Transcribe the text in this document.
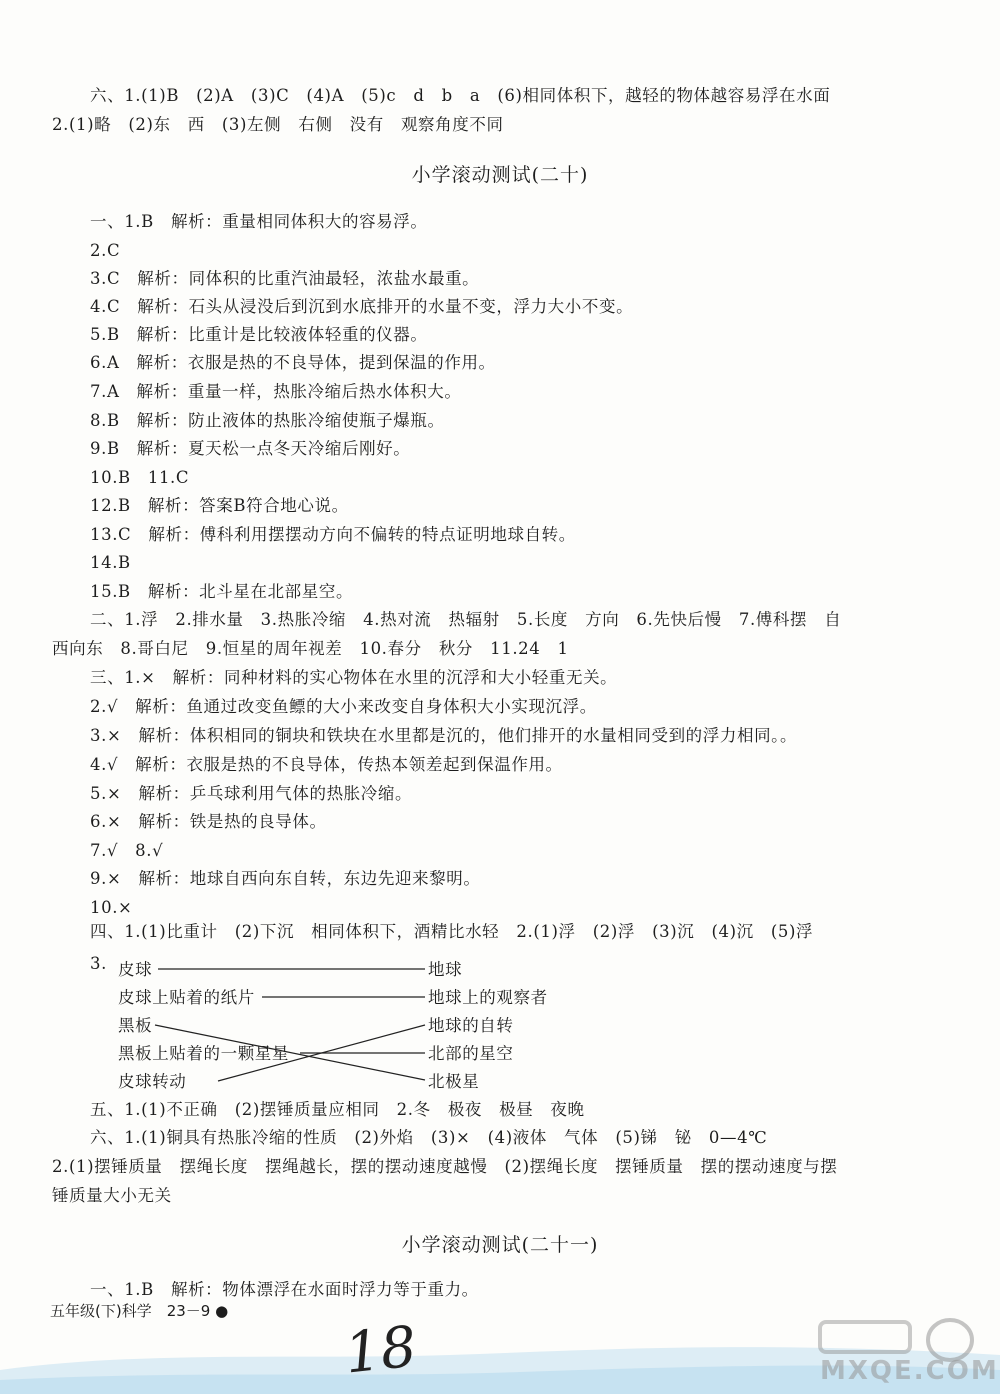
六、1.(1)B　(2)A　(3)C　(4)A　(5)c　d　b　a　(6)相同体积下，越轻的物体越容易浮在水面
2.(1)略　(2)东　西　(3)左侧　右侧　没有　观察角度不同
小学滚动测试(二十)
一、1.B　解析：重量相同体积大的容易浮。
2.C
3.C　解析：同体积的比重汽油最轻，浓盐水最重。
4.C　解析：石头从浸没后到沉到水底排开的水量不变，浮力大小不变。
5.B　解析：比重计是比较液体轻重的仪器。
6.A　解析：衣服是热的不良导体，提到保温的作用。
7.A　解析：重量一样，热胀冷缩后热水体积大。
8.B　解析：防止液体的热胀冷缩使瓶子爆瓶。
9.B　解析：夏天松一点冬天冷缩后刚好。
10.B　11.C
12.B　解析：答案B符合地心说。
13.C　解析：傅科利用摆摆动方向不偏转的特点证明地球自转。
14.B
15.B　解析：北斗星在北部星空。
二、1.浮　2.排水量　3.热胀冷缩　4.热对流　热辐射　5.长度　方向　6.先快后慢　7.傅科摆　自
西向东　8.哥白尼　9.恒星的周年视差　10.春分　秋分　11.24　1
三、1.×　解析：同种材料的实心物体在水里的沉浮和大小轻重无关。
2.√　解析：鱼通过改变鱼鳔的大小来改变自身体积大小实现沉浮。
3.×　解析：体积相同的铜块和铁块在水里都是沉的，他们排开的水量相同受到的浮力相同。。
4.√　解析：衣服是热的不良导体，传热本领差起到保温作用。
5.×　解析：乒乓球利用气体的热胀冷缩。
6.×　解析：铁是热的良导体。
7.√　8.√
9.×　解析：地球自西向东自转，东边先迎来黎明。
10.×
四、1.(1)比重计　(2)下沉　相同体积下，酒精比水轻　2.(1)浮　(2)浮　(3)沉　(4)沉　(5)浮
3. 皮球
皮球上贴着的纸片
黑板
黑板上贴着的一颗星星
皮球转动
地球
地球上的观察者
地球的自转
北部的星空
北极星
五、1.(1)不正确　(2)摆锤质量应相同　2.冬　极夜　极昼　夜晚
六、1.(1)铜具有热胀冷缩的性质　(2)外焰　(3)×　(4)液体　气体　(5)锑　铋　0—4℃
2.(1)摆锤质量　摆绳长度　摆绳越长，摆的摆动速度越慢　(2)摆绳长度　摆锤质量　摆的摆动速度与摆
锤质量大小无关
小学滚动测试(二十一)
一、1.B　解析：物体漂浮在水面时浮力等于重力。
五年级(下)科学　23－9 ●
18	MXQE.COM
